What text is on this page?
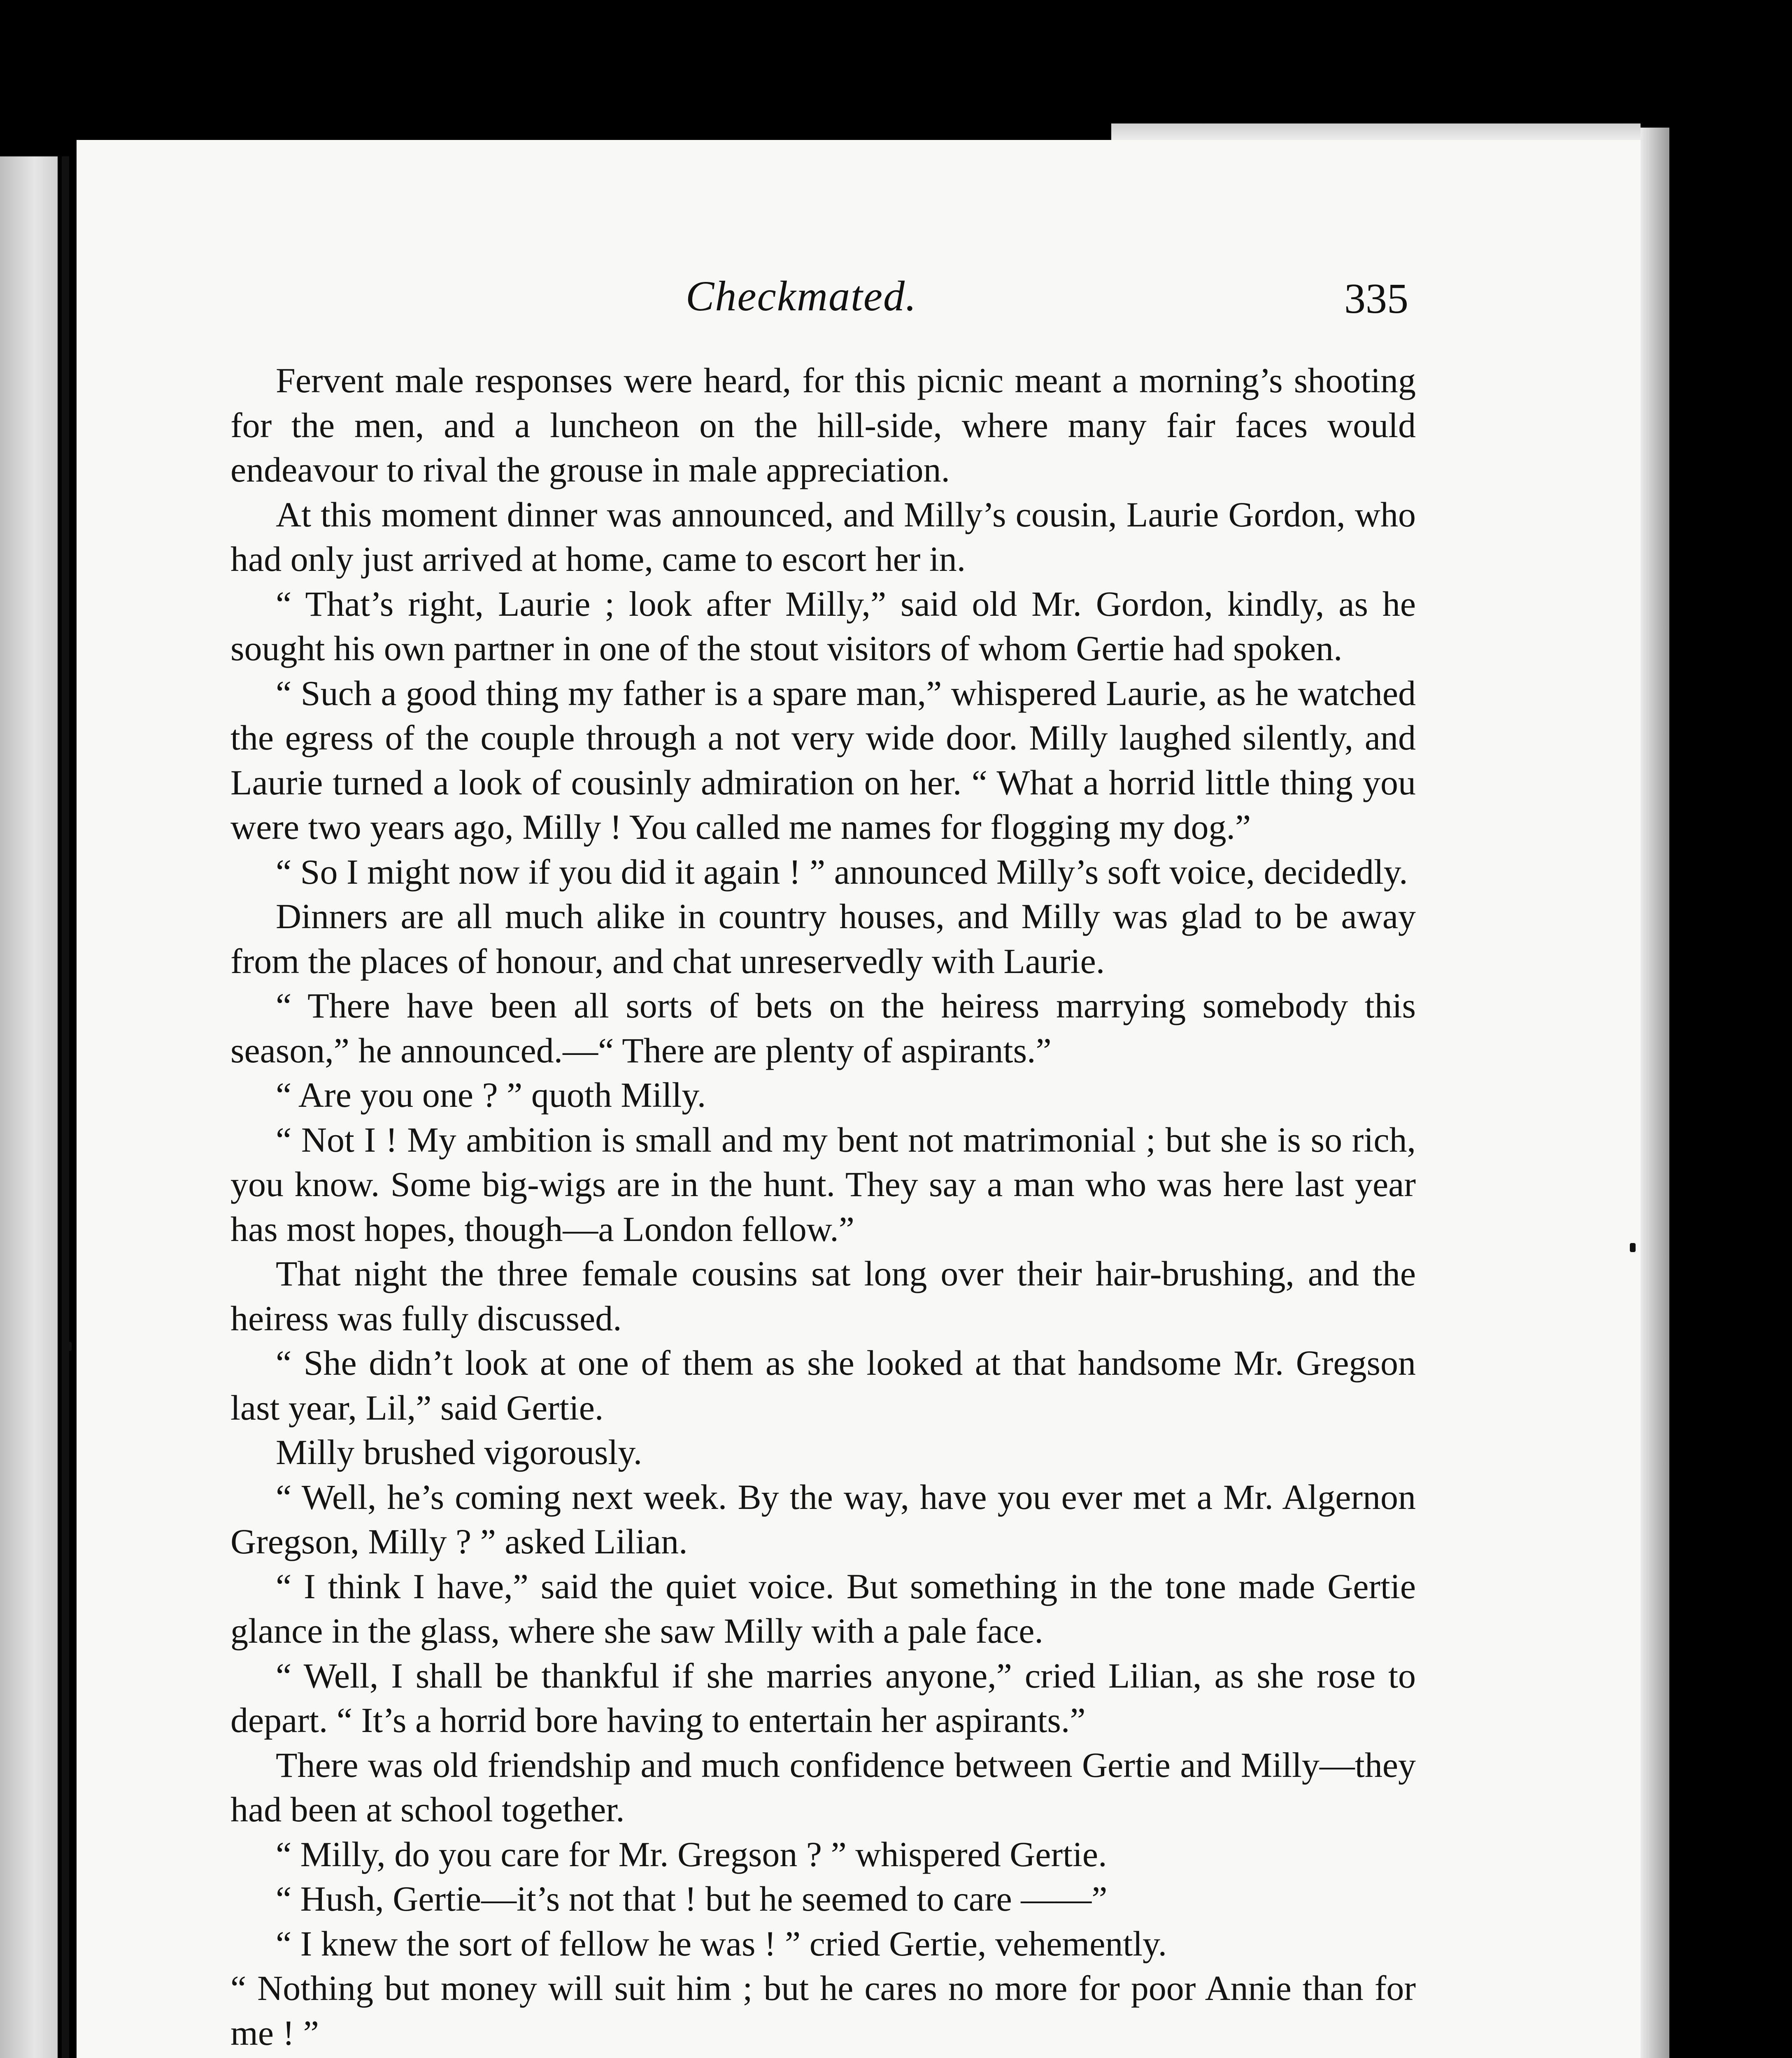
Checkmated.	335

Fervent male responses were heard, for this picnic meant a morning’s shooting for the men, and a luncheon on the hill-side, where many fair faces would endeavour to rival the grouse in male appreciation.

At this moment dinner was announced, and Milly’s cousin, Laurie Gordon, who had only just arrived at home, came to escort her in.

“ That’s right, Laurie ; look after Milly,” said old Mr. Gordon, kindly, as he sought his own partner in one of the stout visitors of whom Gertie had spoken.

“ Such a good thing my father is a spare man,” whispered Laurie, as he watched the egress of the couple through a not very wide door. Milly laughed silently, and Laurie turned a look of cousinly admiration on her. “ What a horrid little thing you were two years ago, Milly ! You called me names for flogging my dog.”

“ So I might now if you did it again ! ” announced Milly’s soft voice, decidedly.

Dinners are all much alike in country houses, and Milly was glad to be away from the places of honour, and chat unreservedly with Laurie.

“ There have been all sorts of bets on the heiress marrying somebody this season,” he announced.—“ There are plenty of aspirants.”

“ Are you one ? ” quoth Milly.

“ Not I ! My ambition is small and my bent not matrimonial ; but she is so rich, you know. Some big-wigs are in the hunt. They say a man who was here last year has most hopes, though—a London fellow.”

That night the three female cousins sat long over their hair-brushing, and the heiress was fully discussed.

“ She didn’t look at one of them as she looked at that handsome Mr. Gregson last year, Lil,” said Gertie.

Milly brushed vigorously.

“ Well, he’s coming next week. By the way, have you ever met a Mr. Algernon Gregson, Milly ? ” asked Lilian.

“ I think I have,” said the quiet voice. But something in the tone made Gertie glance in the glass, where she saw Milly with a pale face.

“ Well, I shall be thankful if she marries anyone,” cried Lilian, as she rose to depart. “ It’s a horrid bore having to entertain her aspirants.”

There was old friendship and much confidence between Gertie and Milly—they had been at school together.

“ Milly, do you care for Mr. Gregson ? ” whispered Gertie.

“ Hush, Gertie—it’s not that ! but he seemed to care ——”

“ I knew the sort of fellow he was ! ” cried Gertie, vehemently.

“ Nothing but money will suit him ; but he cares no more for poor Annie than for me ! ”
